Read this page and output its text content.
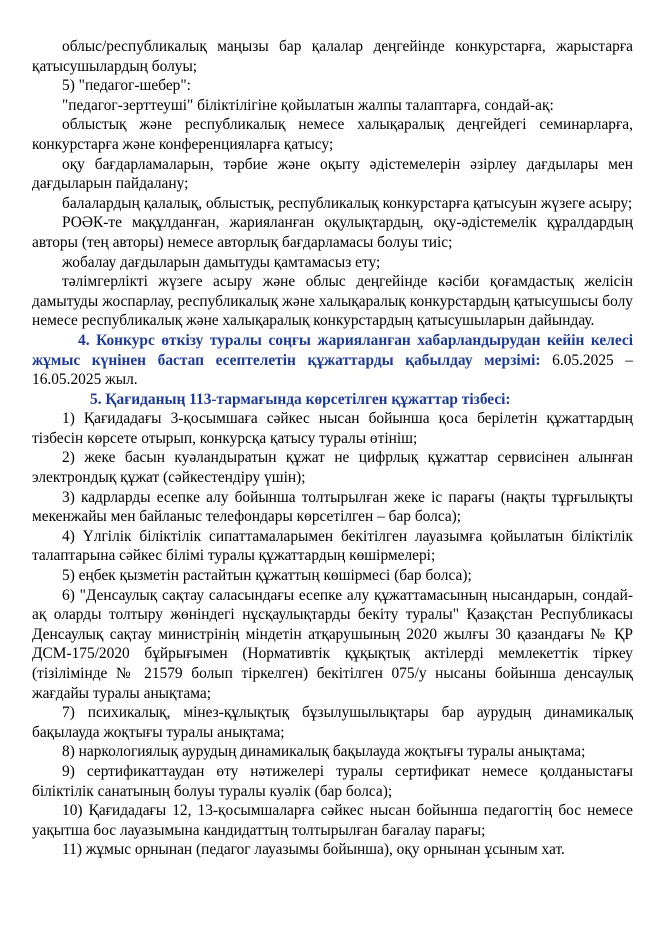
облыс/республикалық маңызы бар қалалар деңгейінде конкурстарға, жарыстарға қатысушылардың болуы;

5) "педагог-шебер":

"педагог-зерттеуші" біліктілігіне қойылатын жалпы талаптарға, сондай-ақ:

облыстық және республикалық немесе халықаралық деңгейдегі семинарларға, конкурстарға және конференцияларға қатысу;

оқу бағдарламаларын, тәрбие және оқыту әдістемелерін әзірлеу дағдылары мен дағдыларын пайдалану;

балалардың қалалық, облыстық, республикалық конкурстарға қатысуын жүзеге асыру;

РОӘК-те мақұлданған, жарияланған оқулықтардың, оқу-әдістемелік құралдардың авторы (тең авторы) немесе авторлық бағдарламасы болуы тиіс;

жобалау дағдыларын дамытуды қамтамасыз ету;

тәлімгерлікті жүзеге асыру және облыс деңгейінде кәсіби қоғамдастық желісін дамытуды жоспарлау, республикалық және халықаралық конкурстардың қатысушысы болу немесе республикалық және халықаралық конкурстардың қатысушыларын дайындау.

4. Конкурс өткізу туралы соңғы жарияланған хабарландырудан кейін келесі жұмыс күнінен бастап есептелетін құжаттарды қабылдау мерзімі: 6.05.2025 – 16.05.2025 жыл.

5. Қағиданың 113-тармағында көрсетілген құжаттар тізбесі:

1) Қағидадағы 3-қосымшаға сәйкес нысан бойынша қоса берілетін құжаттардың тізбесін көрсете отырып, конкурсқа қатысу туралы өтініш;

2) жеке басын куәландыратын құжат не цифрлық құжаттар сервисінен алынған электрондық құжат (сәйкестендіру үшін);

3) кадрларды есепке алу бойынша толтырылған жеке іс парағы (нақты тұрғылықты мекенжайы мен байланыс телефондары көрсетілген – бар болса);

4) Үлгілік біліктілік сипаттамаларымен бекітілген лауазымға қойылатын біліктілік талаптарына сәйкес білімі туралы құжаттардың көшірмелері;

5) еңбек қызметін растайтын құжаттың көшірмесі (бар болса);

6) "Денсаулық сақтау саласындағы есепке алу құжаттамасының нысандарын, сондай-ақ оларды толтыру жөніндегі нұсқаулықтарды бекіту туралы" Қазақстан Республикасы Денсаулық сақтау министрінің міндетін атқарушының 2020 жылғы 30 қазандағы № ҚР ДСМ-175/2020 бұйрығымен (Нормативтік құқықтық актілерді мемлекеттік тіркеу (тізілімінде № 21579 болып тіркелген) бекітілген 075/у нысаны бойынша денсаулық жағдайы туралы анықтама;

7) психикалық, мінез-құлықтық бұзылушылықтары бар аурудың динамикалық бақылауда жоқтығы туралы анықтама;

8) наркологиялық аурудың динамикалық бақылауда жоқтығы туралы анықтама;

9) сертификаттаудан өту нәтижелері туралы сертификат немесе қолданыстағы біліктілік санатының болуы туралы куәлік (бар болса);

10) Қағидадағы 12, 13-қосымшаларға сәйкес нысан бойынша педагогтің бос немесе уақытша бос лауазымына кандидаттың толтырылған бағалау парағы;

11) жұмыс орнынан (педагог лауазымы бойынша), оқу орнынан ұсыным хат.
